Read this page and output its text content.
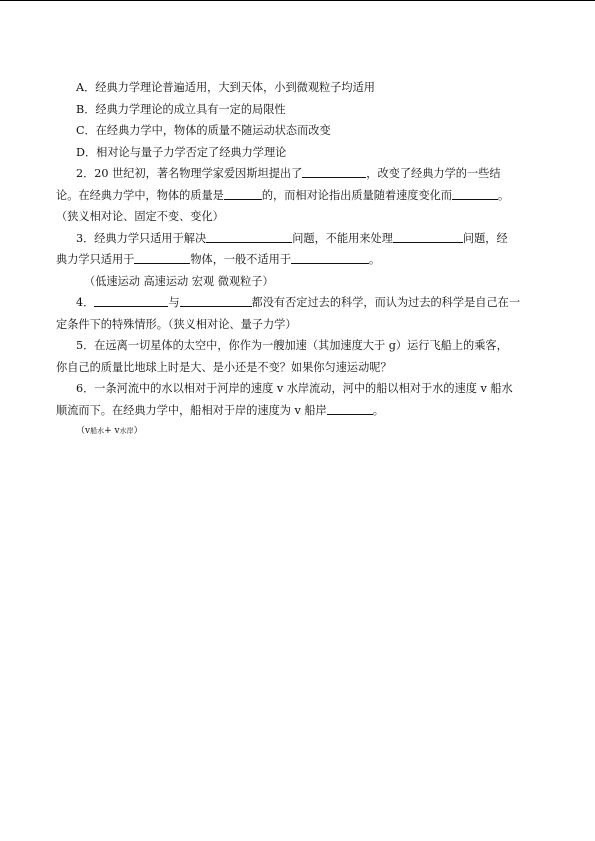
A．经典力学理论普遍适用，大到天体，小到微观粒子均适用
B．经典力学理论的成立具有一定的局限性
C．在经典力学中，物体的质量不随运动状态而改变
D．相对论与量子力学否定了经典力学理论
2．20 世纪初，著名物理学家爱因斯坦提出了	，改变了经典力学的一些结
论。在经典力学中，物体的质量是	的，而相对论指出质量随着速度变化而	。
（狭义相对论、固定不变、变化）
3．经典力学只适用于解决	问题，不能用来处理	问题，经
典力学只适用于	物体，一般不适用于	。
（低速运动 高速运动 宏观 微观粒子）
4．	与	都没有否定过去的科学，而认为过去的科学是自己在一
定条件下的特殊情形。（狭义相对论、量子力学）
5．在远离一切星体的太空中，你作为一艘加速（其加速度大于 g）运行飞船上的乘客，
你自己的质量比地球上时是大、是小还是不变？如果你匀速运动呢？
6．一条河流中的水以相对于河岸的速度 v 水岸流动，河中的船以相对于水的速度 v 船水
顺流而下。在经典力学中，船相对于岸的速度为 v 船岸	。
（v船水+ v水岸）
